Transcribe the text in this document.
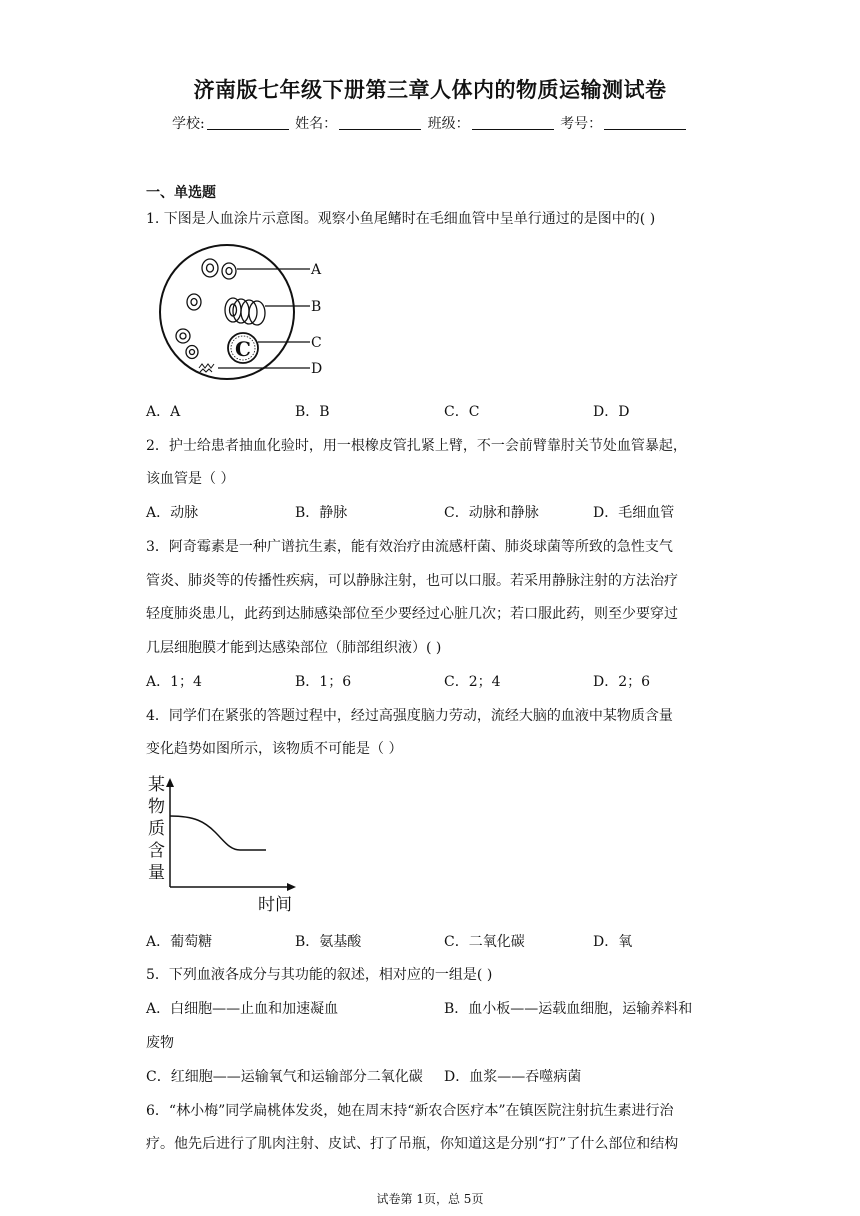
济南版七年级下册第三章人体内的物质运输测试卷
学校:	姓名：	班级：	考号：
一、单选题
1. 下图是人血涂片示意图。观察小鱼尾鳍时在毛细血管中呈单行通过的是图中的( )
C
A
B
C
D
A．A	B．B	C．C	D．D
2．护士给患者抽血化验时，用一根橡皮管扎紧上臂，不一会前臂靠肘关节处血管暴起，
该血管是（ ）
A．动脉	B．静脉	C．动脉和静脉	D．毛细血管
3．阿奇霉素是一种广谱抗生素，能有效治疗由流感杆菌、肺炎球菌等所致的急性支气
管炎、肺炎等的传播性疾病，可以静脉注射，也可以口服。若采用静脉注射的方法治疗
轻度肺炎患儿，此药到达肺感染部位至少要经过心脏几次；若口服此药，则至少要穿过
几层细胞膜才能到达感染部位（肺部组织液）( )
A．1；4	B．1；6	C．2；4	D．2；6
4．同学们在紧张的答题过程中，经过高强度脑力劳动，流经大脑的血液中某物质含量
变化趋势如图所示，该物质不可能是（ ）
某
物
质
含
量
时间
A．葡萄糖	B．氨基酸	C．二氧化碳	D．氧
5．下列血液各成分与其功能的叙述，相对应的一组是( )
A．白细胞——止血和加速凝血	B．血小板——运载血细胞，运输养料和
废物
C．红细胞——运输氧气和运输部分二氧化碳 D．血浆——吞噬病菌
6．“林小梅”同学扁桃体发炎，她在周末持“新农合医疗本”在镇医院注射抗生素进行治
疗。他先后进行了肌肉注射、皮试、打了吊瓶，你知道这是分别“打”了什么部位和结构
试卷第 1页，总 5页
